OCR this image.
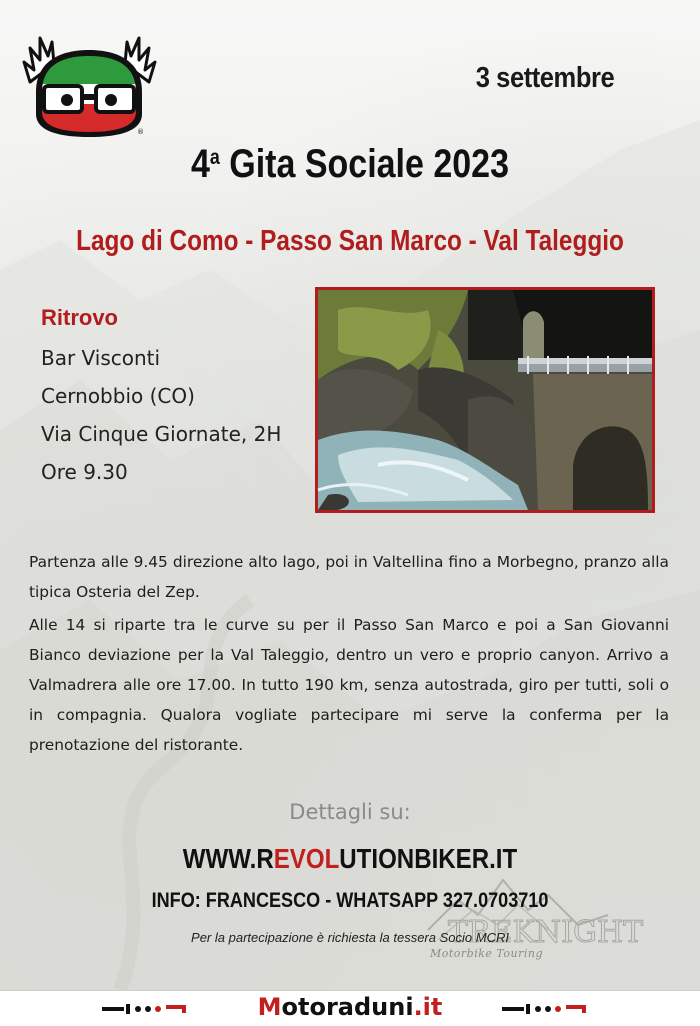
®
3 settembre
4$^a$ Gita Sociale 2023
Lago di Como - Passo San Marco - Val Taleggio
Ritrovo
Bar Visconti
Cernobbio (CO)
Via Cinque Giornate, 2H
Ore 9.30

Partenza alle 9.45 direzione alto lago, poi in Valtellina fino a Morbegno, pranzo alla tipica Osteria del Zep.

Alle 14 si riparte tra le curve su per il Passo San Marco e poi a San Giovanni Bianco deviazione per la Val Taleggio, dentro un vero e proprio canyon. Arrivo a Valmadrera alle ore 17.00. In tutto 190 km, senza autostrada, giro per tutti, soli o in compagnia. Qualora vogliate partecipare mi serve la conferma per la prenotazione del ristorante.

TREKNIGHT
Motorbike Touring
Dettagli su:
WWW.REVOLUTIONBIKER.IT
INFO: FRANCESCO - WHATSAPP 327.0703710
Per la partecipazione è richiesta la tessera Socio MCRI
Motoraduni.it
